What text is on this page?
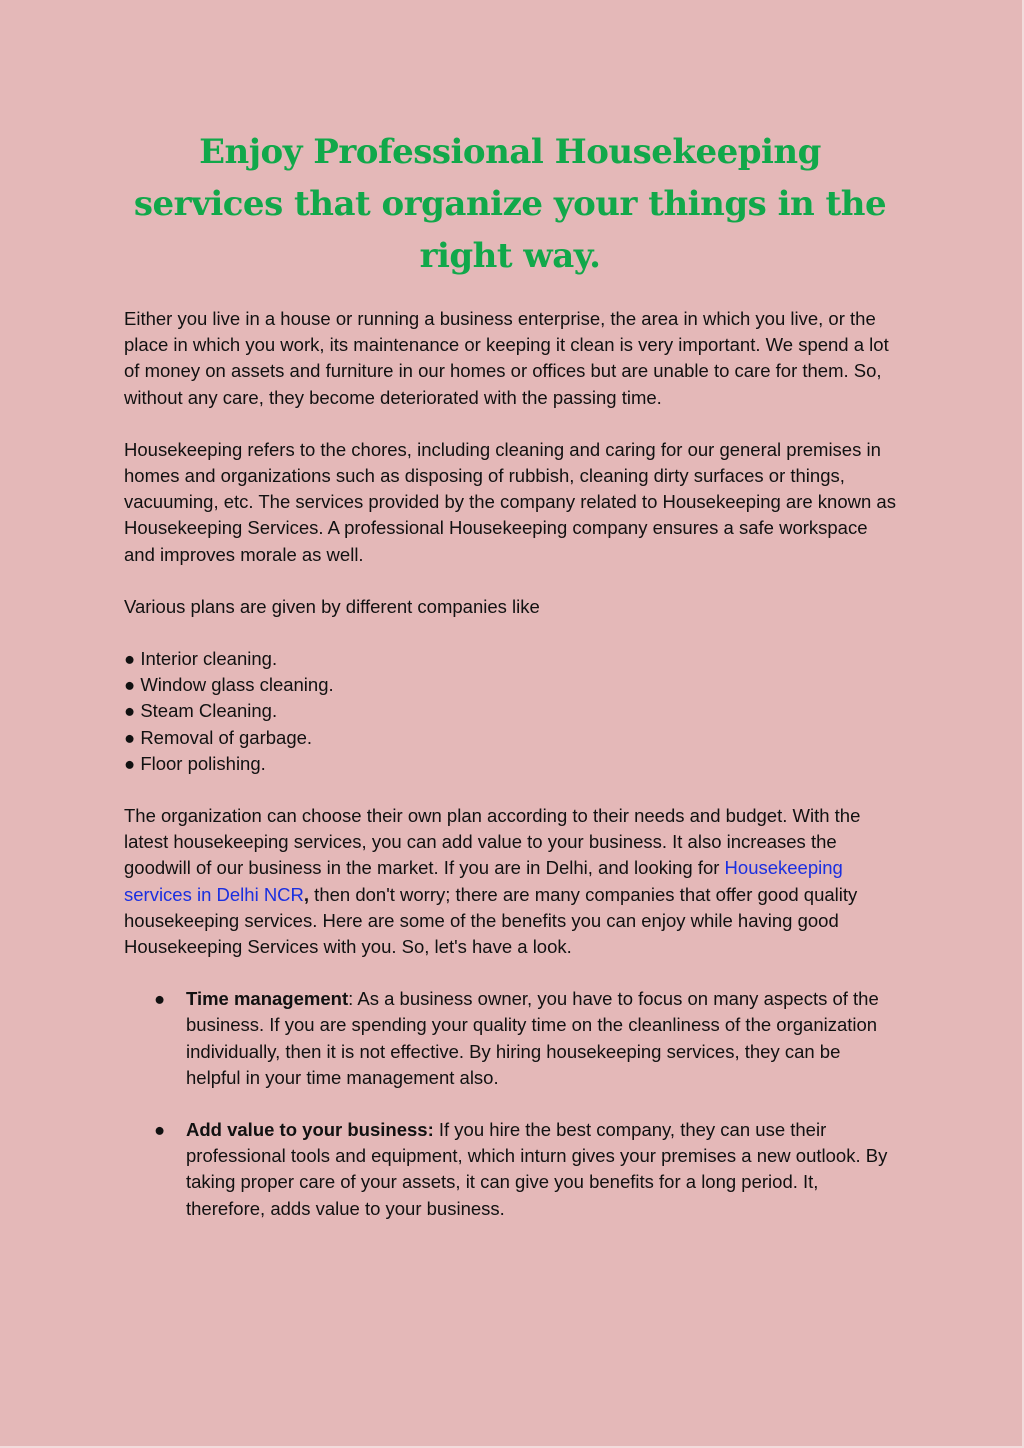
Enjoy Professional Housekeeping services that organize your things in the right way.

Either you live in a house or running a business enterprise, the area in which you live, or the place in which you work, its maintenance or keeping it clean is very important. We spend a lot of money on assets and furniture in our homes or offices but are unable to care for them. So, without any care, they become deteriorated with the passing time.

Housekeeping refers to the chores, including cleaning and caring for our general premises in homes and organizations such as disposing of rubbish, cleaning dirty surfaces or things, vacuuming, etc. The services provided by the company related to Housekeeping are known as Housekeeping Services. A professional Housekeeping company ensures a safe workspace and improves morale as well.

Various plans are given by different companies like

● Interior cleaning.
● Window glass cleaning.
● Steam Cleaning.
● Removal of garbage.
● Floor polishing.

The organization can choose their own plan according to their needs and budget. With the latest housekeeping services, you can add value to your business. It also increases the goodwill of our business in the market. If you are in Delhi, and looking for Housekeeping services in Delhi NCR, then don't worry; there are many companies that offer good quality housekeeping services. Here are some of the benefits you can enjoy while having good Housekeeping Services with you. So, let's have a look.

● Time management: As a business owner, you have to focus on many aspects of the business. If you are spending your quality time on the cleanliness of the organization individually, then it is not effective. By hiring housekeeping services, they can be helpful in your time management also.
● Add value to your business: If you hire the best company, they can use their professional tools and equipment, which inturn gives your premises a new outlook. By taking proper care of your assets, it can give you benefits for a long period. It, therefore, adds value to your business.
